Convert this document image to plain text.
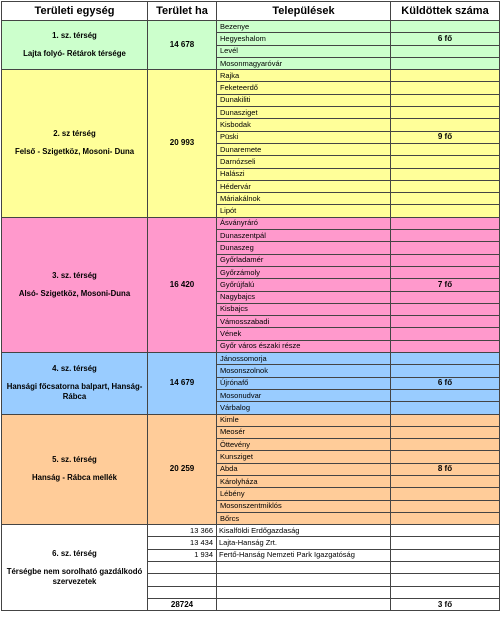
Területi egység	Terület ha	Települések	Küldöttek száma

1. sz. térség
Lajta folyó- Rétárok térsége	14 678	Bezenye	
		Hegyeshalom	6 fő
		Levél	
		Mosonmagyaróvár	

2. sz térség
Felső - Szigetköz, Mosoni- Duna	20 993	Rajka	
		Feketeerdő	
		Dunakiliti	
		Dunasziget	
		Kisbodak	
		Püski	9 fő
		Dunaremete	
		Darnózseli	
		Halászi	
		Hédervár	
		Máriakálnok	
		Lipót	

3. sz. térség
Alsó- Szigetköz, Mosoni-Duna	16 420	Ásványráró	
		Dunaszentpál	
		Dunaszeg	
		Győrladamér	
		Győrzámoly	
		Győrújfalú	7 fő
		Nagybajcs	
		Kisbajcs	
		Vámosszabadi	
		Vének	
		Győr város északi része	

4. sz. térség
Hansági főcsatorna balpart, Hanság- Rábca	14 679	Jánossomorja	
		Mosonszolnok	
		Újrónafő	6 fő
		Mosonudvar	
		Várbalog	

5. sz. térség
Hanság - Rábca mellék	20 259	Kimle	
		Meosér	
		Öttevény	
		Kunsziget	
		Abda	8 fő
		Károlyháza	
		Lébény	
		Mosonszentmiklós	
		Bőrcs	

6. sz. térség
Térségbe nem sorolható gazdálkodó szervezetek	13 366	Kisalföldi Erdőgazdaság	
	13 434	Lajta-Hanság Zrt.	
	1 934	Fertő-Hanság Nemzeti Park Igazgatóság	

	28724		3 fő
